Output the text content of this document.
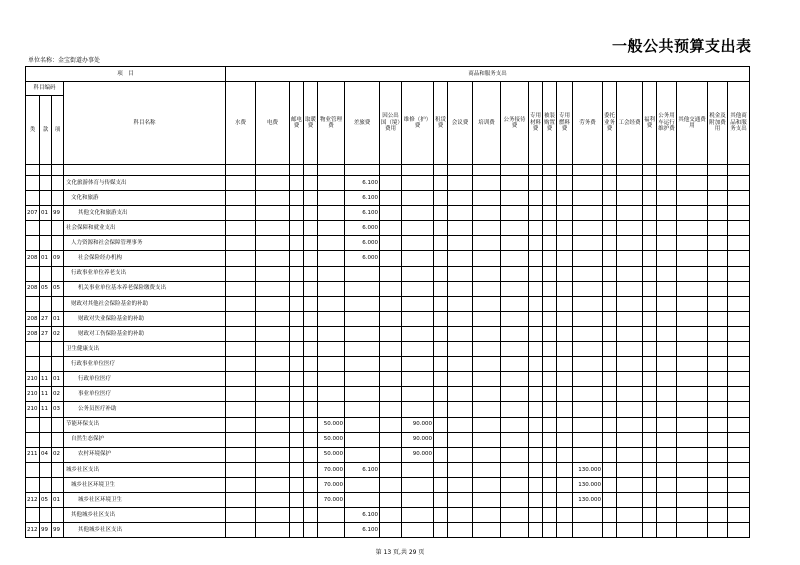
一般公共预算支出表
单位名称：金宝街道办事处
项　目				商品和服务支出																						
科目编码			科目名称	水费	电费	邮电费	取暖费	物业管理费	差旅费	因公出国（境）费用	维修（护）费	租赁费	会议费	培训费	公务接待费	专用材料费	被装购置费	专用燃料费	劳务费	委托业务费	工会经费	福利费	公务用车运行维护费	其他交通费用	税金及附加费用	其他商品和服务支出
类	款	项																								

			文化旅游体育与传媒支出						6.100																	
			文化和旅游						6.100																	
207	01	99	其他文化和旅游支出						6.100																	
			社会保障和就业支出						6.000																	
			人力资源和社会保障管理事务						6.000																	
208	01	09	社会保险经办机构						6.000																	
			行政事业单位养老支出																							
208	05	05	机关事业单位基本养老保险缴费支出																							
			财政对其他社会保险基金的补助																							
208	27	01	财政对失业保险基金的补助																							
208	27	02	财政对工伤保险基金的补助																							
			卫生健康支出																							
			行政事业单位医疗																							
210	11	01	行政单位医疗																							
210	11	02	事业单位医疗																							
210	11	03	公务员医疗补助																							
			节能环保支出					50.000			90.000															
			自然生态保护					50.000			90.000															
211	04	02	农村环境保护					50.000			90.000															
			城乡社区支出					70.000	6.100										130.000							
			城乡社区环境卫生					70.000											130.000							
212	05	01	城乡社区环境卫生					70.000											130.000							
			其他城乡社区支出						6.100																	
212	99	99	其他城乡社区支出						6.100																	
第 13 页,共 29 页
